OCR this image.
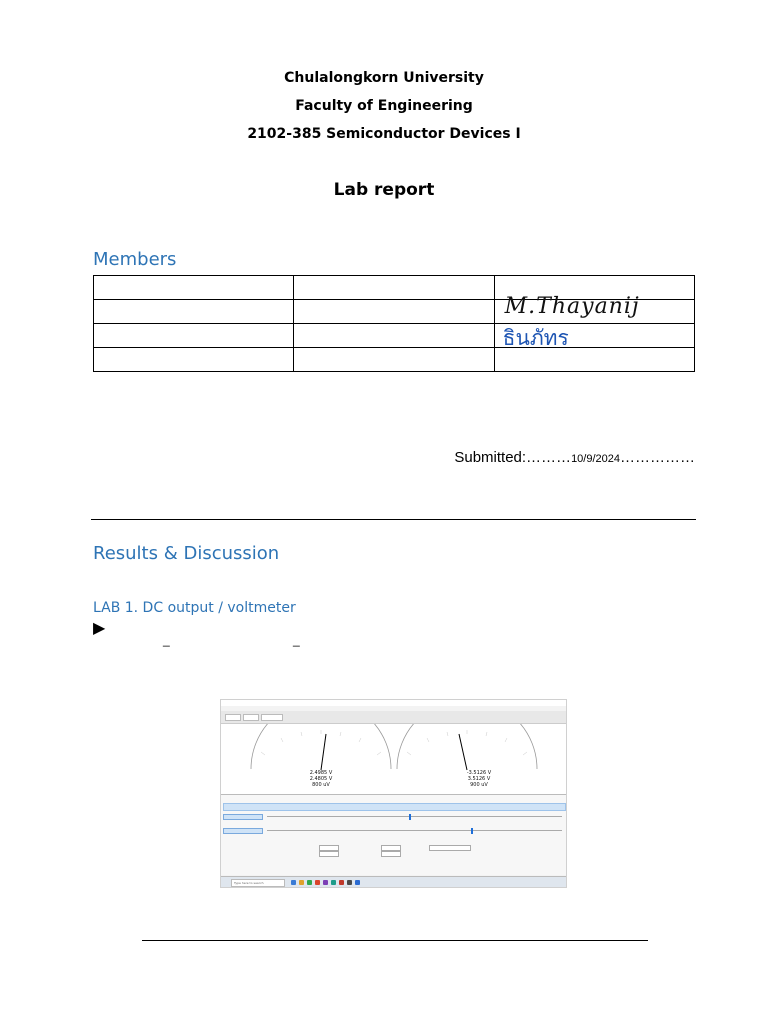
Chulalongkorn University
Faculty of Engineering
2102-385 Semiconductor Devices I
Lab report
Members

		M.Thayanij

		ธินภัทร

Submitted:………10/9/2024……………
Results & Discussion
LAB 1. DC output / voltmeter
▶
_	_
2.4985 V
2.4805 V
800 uV
-3.5126 V
3.5126 V
900 uV
Type here to search
